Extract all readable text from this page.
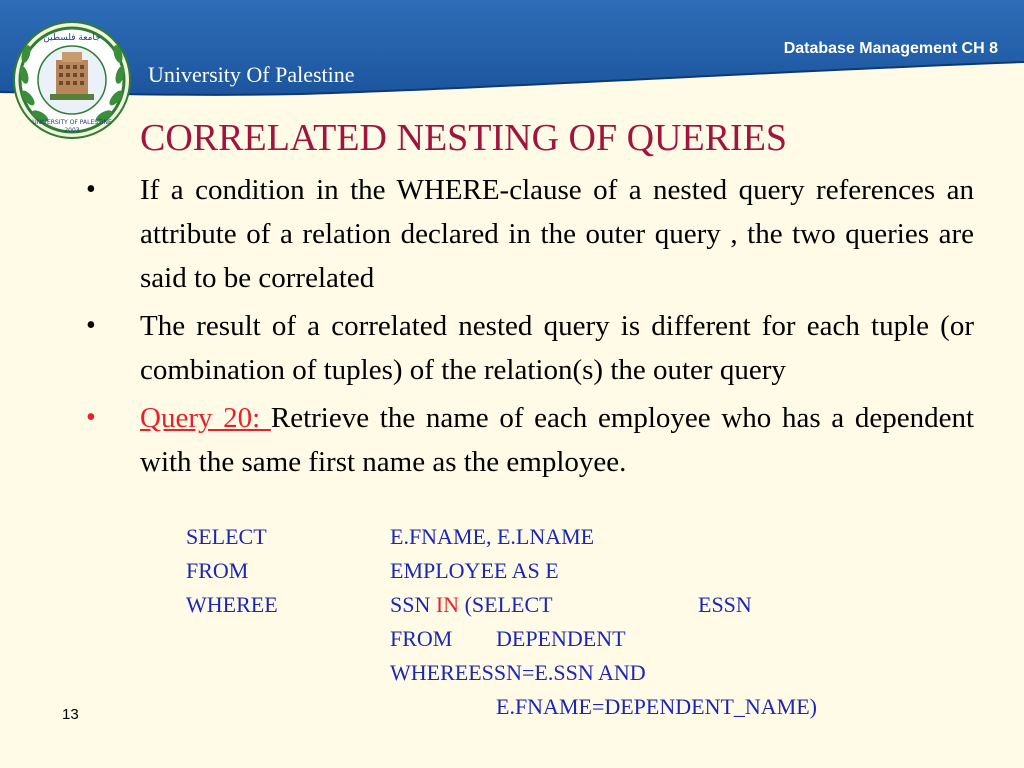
جامعة فلسطين
UNIVERSITY OF PALESTINE
2003
Database Management CH 8
University Of Palestine
CORRELATED NESTING OF QUERIES
• If a condition in the WHERE-clause of a nested query references an attribute of a relation declared in the outer query , the two queries are said to be correlated

• The result of a correlated nested query is different for each tuple (or combination of tuples) of the relation(s) the outer query

• Query 20: Retrieve the name of each employee who has a dependent with the same first name as the employee.

SELECT	E.FNAME, E.LNAME
FROM	EMPLOYEE AS E
WHEREE	SSN IN (SELECT	ESSN
FROM DEPENDENT
WHEREESSN=E.SSN AND
E.FNAME=DEPENDENT_NAME)
13
